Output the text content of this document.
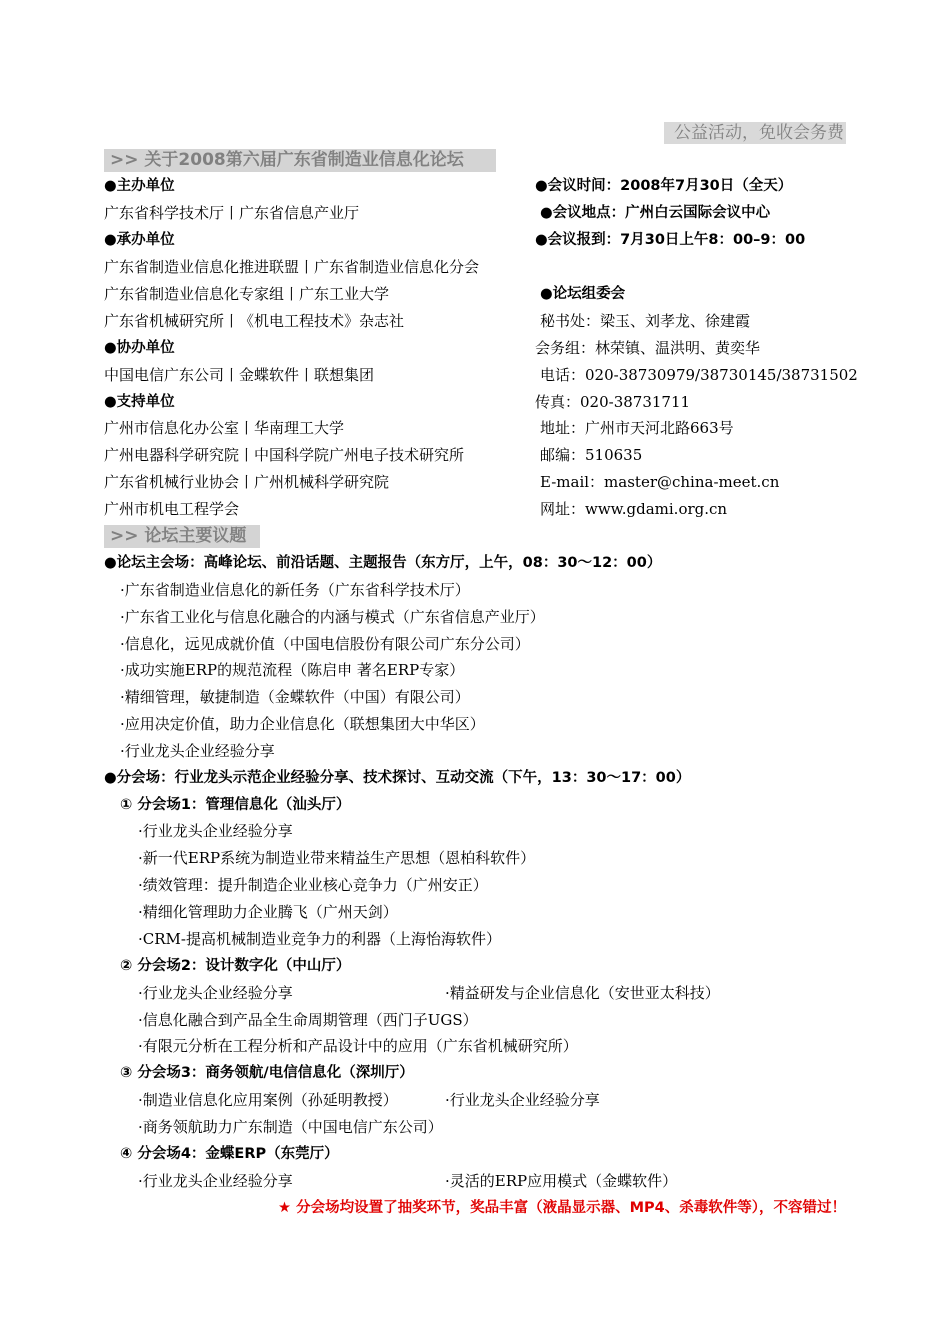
公益活动，免收会务费
>> 关于2008第六届广东省制造业信息化论坛
●主办单位
广东省科学技术厅丨广东省信息产业厅
●承办单位
广东省制造业信息化推进联盟丨广东省制造业信息化分会
广东省制造业信息化专家组丨广东工业大学
广东省机械研究所丨《机电工程技术》杂志社
●协办单位
中国电信广东公司丨金蝶软件丨联想集团
●支持单位
广州市信息化办公室丨华南理工大学
广州电器科学研究院丨中国科学院广州电子技术研究所
广东省机械行业协会丨广州机械科学研究院
广州市机电工程学会
●会议时间：2008年7月30日（全天）
●会议地点：广州白云国际会议中心
●会议报到：7月30日上午8：00–9：00
●论坛组委会
秘书处：梁玉、刘孝龙、徐建霞
会务组：林荣镇、温洪明、黄奕华
电话：020-38730979/38730145/38731502
传真：020-38731711
地址：广州市天河北路663号
邮编：510635
E-mail：master@china-meet.cn
网址：www.gdami.org.cn
>> 论坛主要议题
●论坛主会场：高峰论坛、前沿话题、主题报告（东方厅，上午，08：30～12：00）
·广东省制造业信息化的新任务（广东省科学技术厅）
·广东省工业化与信息化融合的内涵与模式（广东省信息产业厅）
·信息化，远见成就价值（中国电信股份有限公司广东分公司）
·成功实施ERP的规范流程（陈启申 著名ERP专家）
·精细管理，敏捷制造（金蝶软件（中国）有限公司）
·应用决定价值，助力企业信息化（联想集团大中华区）
·行业龙头企业经验分享
●分会场：行业龙头示范企业经验分享、技术探讨、互动交流（下午，13：30～17：00）
① 分会场1：管理信息化（汕头厅）
·行业龙头企业经验分享
·新一代ERP系统为制造业带来精益生产思想（恩柏科软件）
·绩效管理：提升制造企业业核心竞争力（广州安正）
·精细化管理助力企业腾飞（广州天剑）
·CRM-提高机械制造业竞争力的利器（上海怡海软件）
② 分会场2：设计数字化（中山厅）
·行业龙头企业经验分享	·精益研发与企业信息化（安世亚太科技）
·信息化融合到产品全生命周期管理（西门子UGS）
·有限元分析在工程分析和产品设计中的应用（广东省机械研究所）
③ 分会场3：商务领航/电信信息化（深圳厅）
·制造业信息化应用案例（孙延明教授）	·行业龙头企业经验分享
·商务领航助力广东制造（中国电信广东公司）
④ 分会场4：金蝶ERP（东莞厅）
·行业龙头企业经验分享	·灵活的ERP应用模式（金蝶软件）
★ 分会场均设置了抽奖环节，奖品丰富（液晶显示器、MP4、杀毒软件等），不容错过！
